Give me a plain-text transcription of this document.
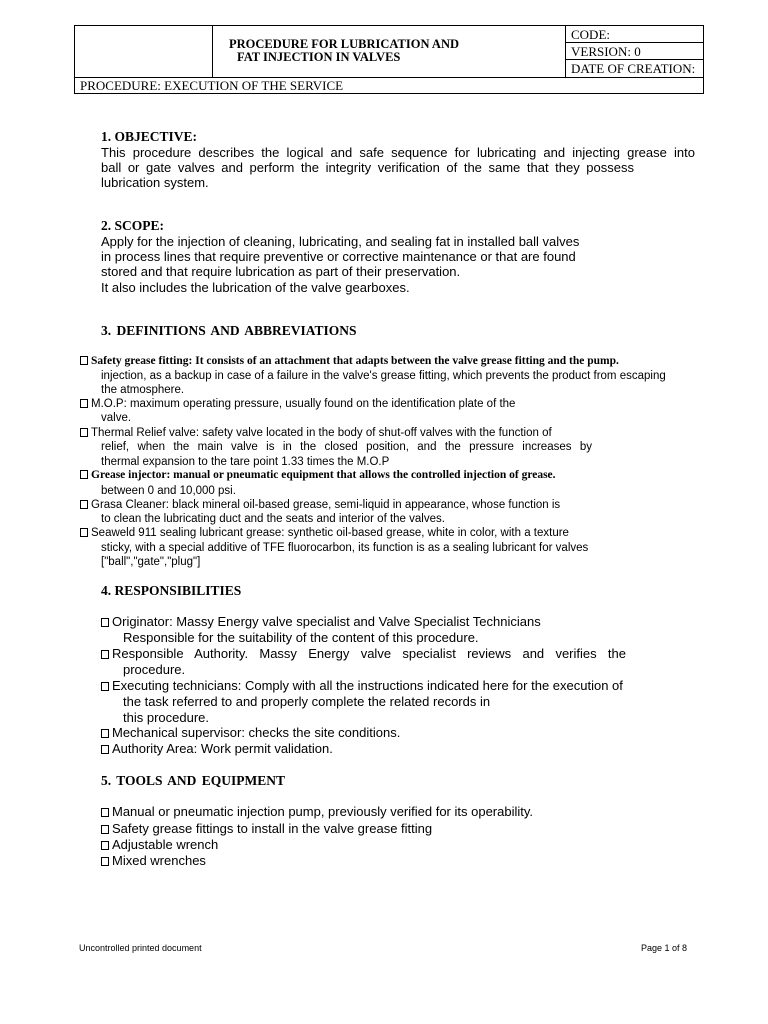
PROCEDURE FOR LUBRICATION AND
FAT INJECTION IN VALVES
CODE:
VERSION: 0
DATE OF CREATION:
PROCEDURE: EXECUTION OF THE SERVICE
1. OBJECTIVE:
This procedure describes the logical and safe sequence for lubricating and injecting grease into
ball or gate valves and perform the integrity verification of the same that they possess
lubrication system.
2. SCOPE:
Apply for the injection of cleaning, lubricating, and sealing fat in installed ball valves
in process lines that require preventive or corrective maintenance or that are found
stored and that require lubrication as part of their preservation.
It also includes the lubrication of the valve gearboxes.
3. DEFINITIONS AND ABBREVIATIONS
Safety grease fitting: It consists of an attachment that adapts between the valve grease fitting and the pump.
injection, as a backup in case of a failure in the valve's grease fitting, which prevents the product from escaping
the atmosphere.
M.O.P: maximum operating pressure, usually found on the identification plate of the
valve.
Thermal Relief valve: safety valve located in the body of shut-off valves with the function of
relief, when the main valve is in the closed position, and the pressure increases by
thermal expansion to the tare point 1.33 times the M.O.P
Grease injector: manual or pneumatic equipment that allows the controlled injection of grease.
between 0 and 10,000 psi.
Grasa Cleaner: black mineral oil-based grease, semi-liquid in appearance, whose function is
to clean the lubricating duct and the seats and interior of the valves.
Seaweld 911 sealing lubricant grease: synthetic oil-based grease, white in color, with a texture
sticky, with a special additive of TFE fluorocarbon, its function is as a sealing lubricant for valves
["ball","gate","plug"]
4. RESPONSIBILITIES
Originator: Massy Energy valve specialist and Valve Specialist Technicians
Responsible for the suitability of the content of this procedure.
Responsible Authority. Massy Energy valve specialist reviews and verifies the
procedure.
Executing technicians: Comply with all the instructions indicated here for the execution of
the task referred to and properly complete the related records in
this procedure.
Mechanical supervisor: checks the site conditions.
Authority Area: Work permit validation.
5. TOOLS AND EQUIPMENT
Manual or pneumatic injection pump, previously verified for its operability.
Safety grease fittings to install in the valve grease fitting
Adjustable wrench
Mixed wrenches
Uncontrolled printed document	Page 1 of 8
